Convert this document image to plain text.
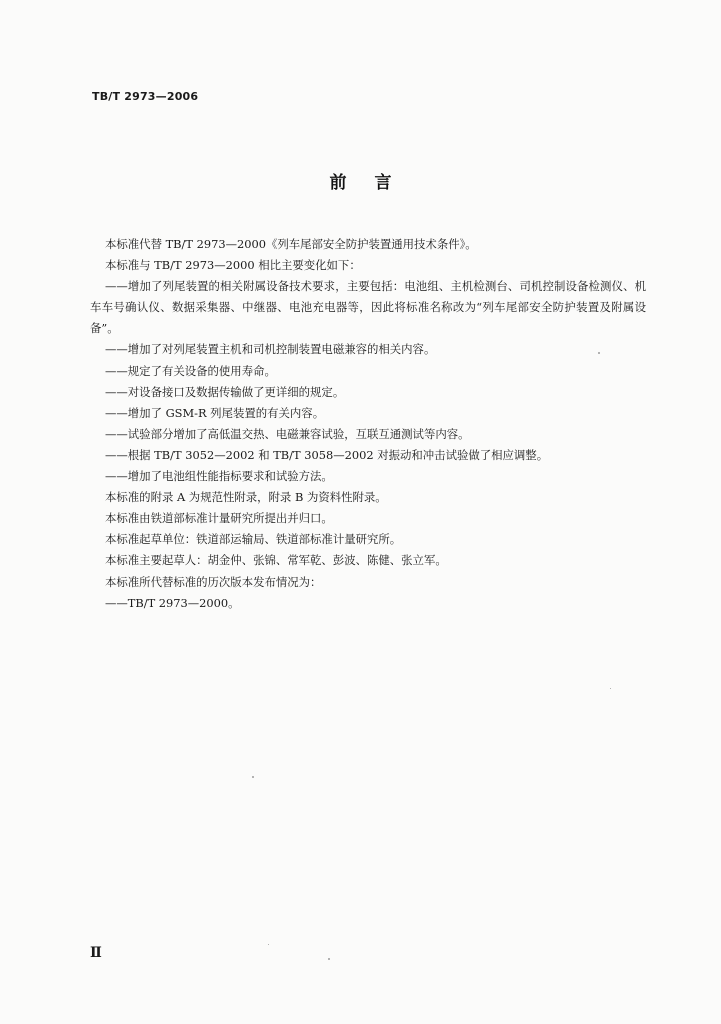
TB/T 2973—2006
前言

本标准代替 TB/T 2973—2000《列车尾部安全防护装置通用技术条件》。

本标准与 TB/T 2973—2000 相比主要变化如下：

——增加了列尾装置的相关附属设备技术要求，主要包括：电池组、主机检测台、司机控制设备检测仪、机车车号确认仪、数据采集器、中继器、电池充电器等，因此将标准名称改为“列车尾部安全防护装置及附属设备”。

——增加了对列尾装置主机和司机控制装置电磁兼容的相关内容。

——规定了有关设备的使用寿命。

——对设备接口及数据传输做了更详细的规定。

——增加了 GSM-R 列尾装置的有关内容。

——试验部分增加了高低温交热、电磁兼容试验，互联互通测试等内容。

——根据 TB/T 3052—2002 和 TB/T 3058—2002 对振动和冲击试验做了相应调整。

——增加了电池组性能指标要求和试验方法。

本标准的附录 A 为规范性附录，附录 B 为资料性附录。

本标准由铁道部标准计量研究所提出并归口。

本标准起草单位：铁道部运输局、铁道部标准计量研究所。

本标准主要起草人：胡金仲、张锦、常军乾、彭波、陈健、张立军。

本标准所代替标准的历次版本发布情况为：

——TB/T 2973—2000。

Ⅱ
